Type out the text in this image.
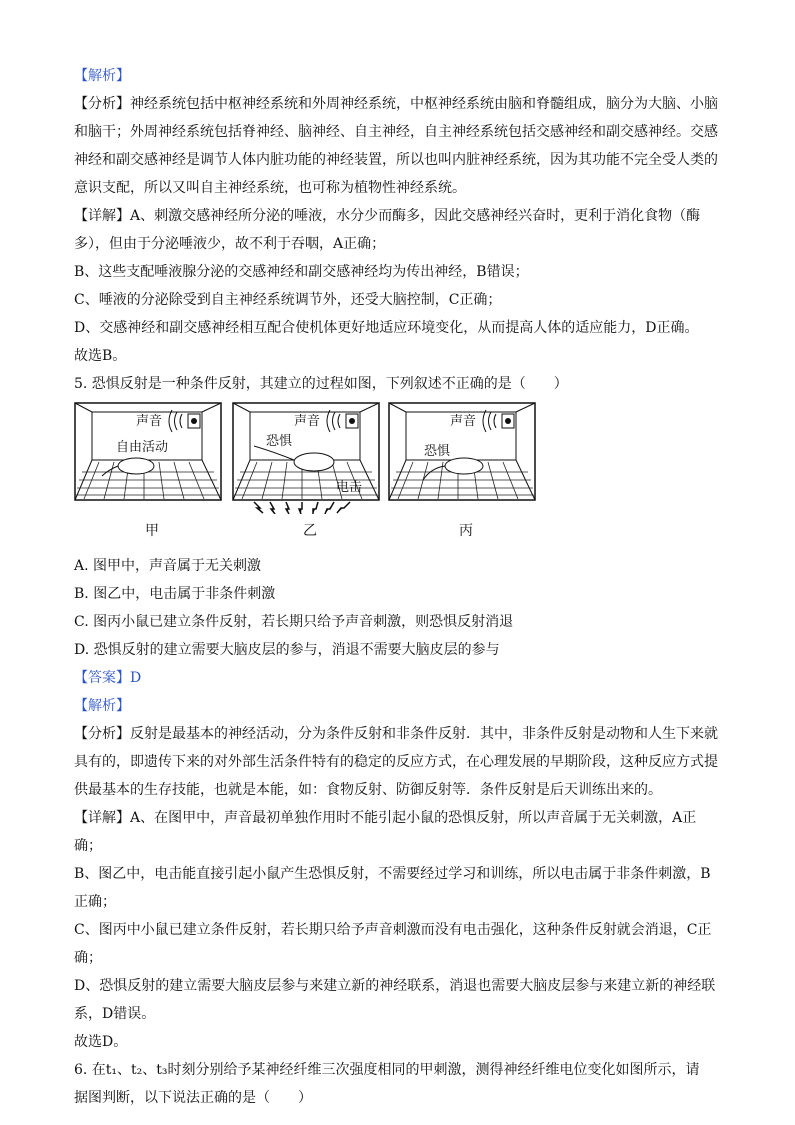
【解析】
【分析】神经系统包括中枢神经系统和外周神经系统，中枢神经系统由脑和脊髓组成，脑分为大脑、小脑
和脑干；外周神经系统包括脊神经、脑神经、自主神经，自主神经系统包括交感神经和副交感神经。交感
神经和副交感神经是调节人体内脏功能的神经装置，所以也叫内脏神经系统，因为其功能不完全受人类的
意识支配，所以又叫自主神经系统，也可称为植物性神经系统。
【详解】A、刺激交感神经所分泌的唾液，水分少而酶多，因此交感神经兴奋时，更利于消化食物（酶
多），但由于分泌唾液少，故不利于吞咽，A正确；
B、这些支配唾液腺分泌的交感神经和副交感神经均为传出神经，B错误；
C、唾液的分泌除受到自主神经系统调节外，还受大脑控制，C正确；
D、交感神经和副交感神经相互配合使机体更好地适应环境变化，从而提高人体的适应能力，D正确。
故选B。
5. 恐惧反射是一种条件反射，其建立的过程如图，下列叙述不正确的是（　　）
声音
自由活动
甲
声音
恐惧
电击
乙
声音
恐惧
丙
A. 图甲中，声音属于无关刺激
B. 图乙中，电击属于非条件刺激
C. 图丙小鼠已建立条件反射，若长期只给予声音刺激，则恐惧反射消退
D. 恐惧反射的建立需要大脑皮层的参与，消退不需要大脑皮层的参与
【答案】D
【解析】
【分析】反射是最基本的神经活动，分为条件反射和非条件反射．其中，非条件反射是动物和人生下来就
具有的，即遗传下来的对外部生活条件特有的稳定的反应方式，在心理发展的早期阶段，这种反应方式提
供最基本的生存技能，也就是本能，如：食物反射、防御反射等．条件反射是后天训练出来的。
【详解】A、在图甲中，声音最初单独作用时不能引起小鼠的恐惧反射，所以声音属于无关刺激，A正
确；
B、图乙中，电击能直接引起小鼠产生恐惧反射，不需要经过学习和训练，所以电击属于非条件刺激，B
正确；
C、图丙中小鼠已建立条件反射，若长期只给予声音刺激而没有电击强化，这种条件反射就会消退，C正
确；
D、恐惧反射的建立需要大脑皮层参与来建立新的神经联系，消退也需要大脑皮层参与来建立新的神经联
系，D错误。
故选D。
6. 在t₁、t₂、t₃时刻分别给予某神经纤维三次强度相同的甲刺激，测得神经纤维电位变化如图所示，请
据图判断，以下说法正确的是（　　）
